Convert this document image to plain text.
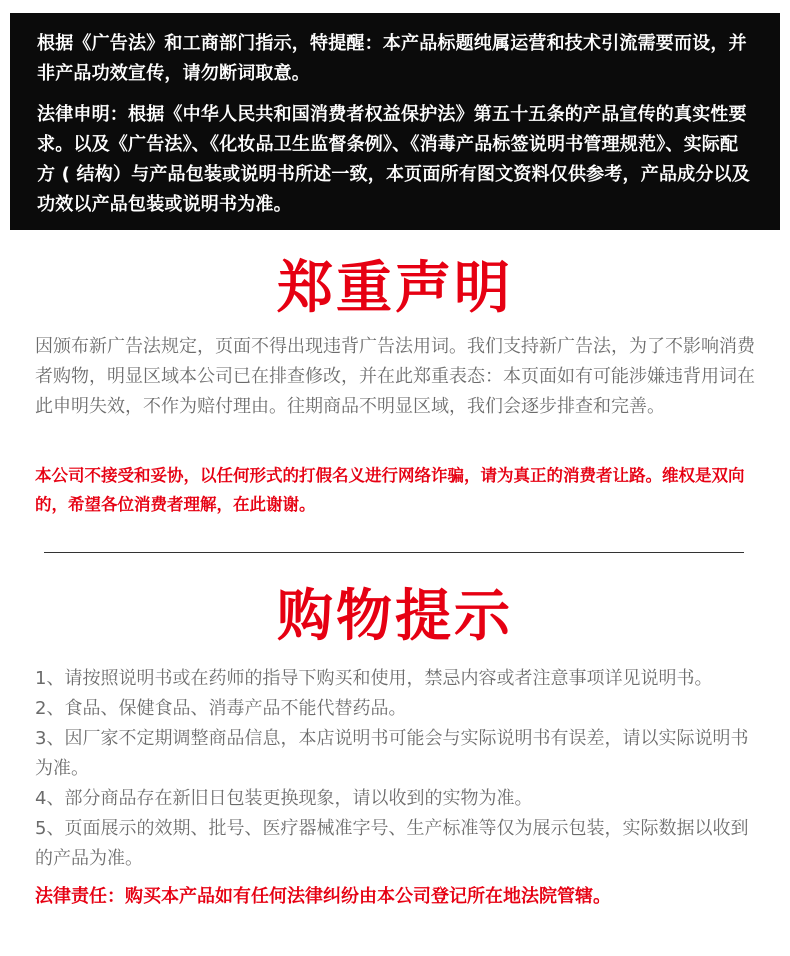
根据《广告法》和工商部门指示，特提醒：本产品标题纯属运营和技术引流需要而设，并非产品功效宣传，请勿断词取意。

法律申明：根据《中华人民共和国消费者权益保护法》第五十五条的产品宣传的真实性要求。以及《广告法》、《化妆品卫生监督条例》、《消毒产品标签说明书管理规范》、实际配方 ( 结构）与产品包装或说明书所述一致，本页面所有图文资料仅供参考，产品成分以及功效以产品包装或说明书为准。

郑重声明

因颁布新广告法规定，页面不得出现违背广告法用词。我们支持新广告法，为了不影响消费者购物，明显区域本公司已在排查修改，并在此郑重表态：本页面如有可能涉嫌违背用词在此申明失效，不作为赔付理由。往期商品不明显区域，我们会逐步排查和完善。

本公司不接受和妥协，以任何形式的打假名义进行网络诈骗，请为真正的消费者让路。维权是双向的，希望各位消费者理解，在此谢谢。

购物提示
1、请按照说明书或在药师的指导下购买和使用，禁忌内容或者注意事项详见说明书。
2、食品、保健食品、消毒产品不能代替药品。
3、因厂家不定期调整商品信息，本店说明书可能会与实际说明书有误差，请以实际说明书为准。
4、部分商品存在新旧日包装更换现象，请以收到的实物为准。
5、页面展示的效期、批号、医疗器械准字号、生产标准等仅为展示包装，实际数据以收到的产品为准。

法律责任：购买本产品如有任何法律纠纷由本公司登记所在地法院管辖。
